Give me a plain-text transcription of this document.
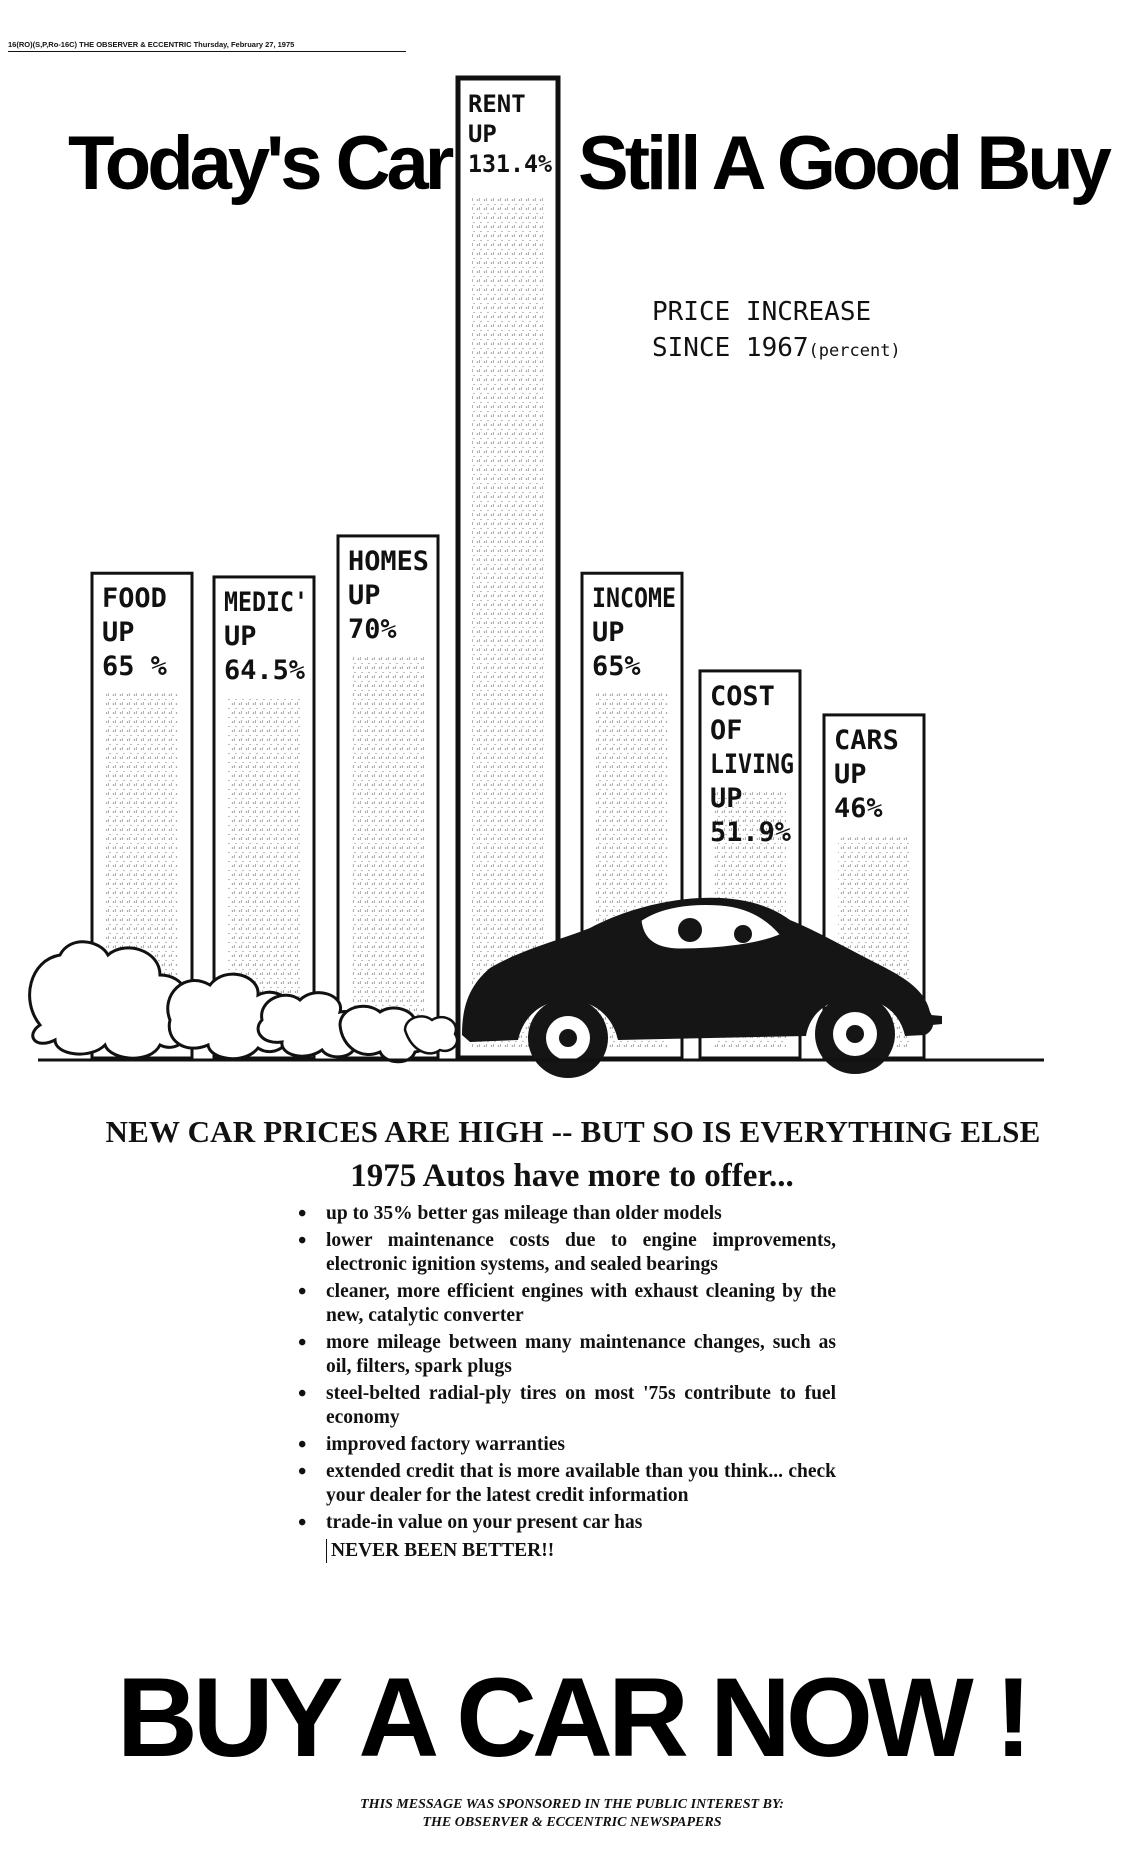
16(RO)(S,P,Ro-16C) THE OBSERVER & ECCENTRIC Thursday, February 27, 1975
Today's Car Still A Good Buy
PRICE INCREASE
SINCE 1967(percent)
FOOD
UP
65 %
MEDIC'
UP
64.5%
HOMES
UP
70%
RENT
UP
131.4%
INCOME
UP
65%
COST
OF
LIVING
UP
51.9%
CARS
UP
46%
NEW CAR PRICES ARE HIGH -- BUT SO IS EVERYTHING ELSE
1975 Autos have more to offer...
• up to 35% better gas mileage than older models
• lower maintenance costs due to engine improvements, electronic ignition systems, and sealed bearings
• cleaner, more efficient engines with exhaust cleaning by the new, catalytic converter
• more mileage between many maintenance changes, such as oil, filters, spark plugs
• steel-belted radial-ply tires on most '75s contribute to fuel economy
• improved factory warranties
• extended credit that is more available than you think... check your dealer for the latest credit information
• trade-in value on your present car has
NEVER BEEN BETTER!!
BUY A CAR NOW !
THIS MESSAGE WAS SPONSORED IN THE PUBLIC INTEREST BY:
THE OBSERVER & ECCENTRIC NEWSPAPERS
